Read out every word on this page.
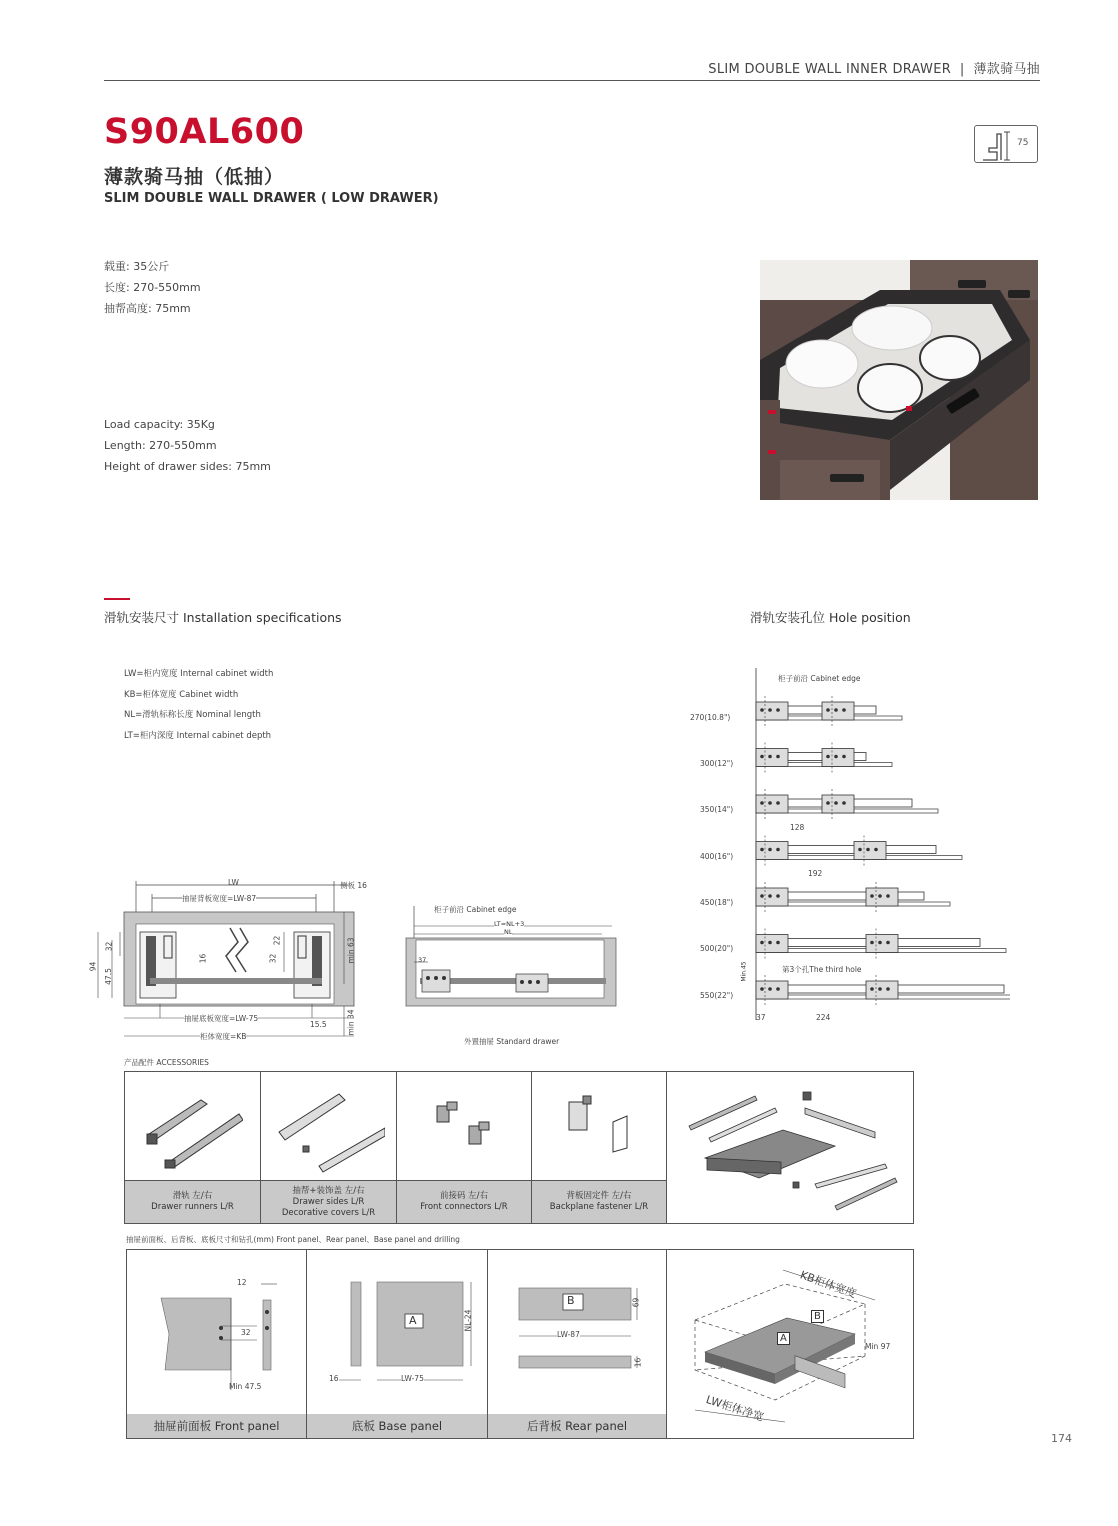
SLIM DOUBLE WALL INNER DRAWER | 薄款骑马抽
S90AL600
薄款骑马抽（低抽）
SLIM DOUBLE WALL DRAWER ( LOW DRAWER)
75
载重: 35公斤
长度: 270-550mm
抽帮高度: 75mm
Load capacity: 35Kg
Length: 270-550mm
Height of drawer sides: 75mm
滑轨安装尺寸 Installation specifications	滑轨安装孔位 Hole position
LW=柜内宽度 Internal cabinet width
KB=柜体宽度 Cabinet width
NL=滑轨标称长度 Nominal length
LT=柜内深度 Internal cabinet depth
LW	侧板 16
抽屉背板宽度=LW-87
抽屉底板宽度=LW-75
柜体宽度=KB
94
47.5
32
16
22
32	min 63
min 34
15.5
柜子前沿 Cabinet edge
LT=NL+3
NL
37
外置抽屉 Standard drawer
柜子前沿 Cabinet edge
270(10.8")
300(12")
350(14")
400(16")
450(18")
500(20")
550(22")
128
192
224
37
Min.45	第3个孔The third hole
产品配件 ACCESSORIES
滑轨 左/右
Drawer runners L/R
抽帮+装饰盖 左/右
Drawer sides L/R
Decorative covers L/R
前接码 左/右
Front connectors L/R
背板固定件 左/右
Backplane fastener L/R
抽屉前面板、后背板、底板尺寸和钻孔(mm) Front panel、Rear panel、Base panel and drilling
12
32
Min 47.5
抽屉前面板 Front panel
A	NL-24
16	LW-75
底板 Base panel
B	69
LW-87
16
后背板 Rear panel
KB柜体宽度
LW柜体净宽
Min 97
A
B
174
